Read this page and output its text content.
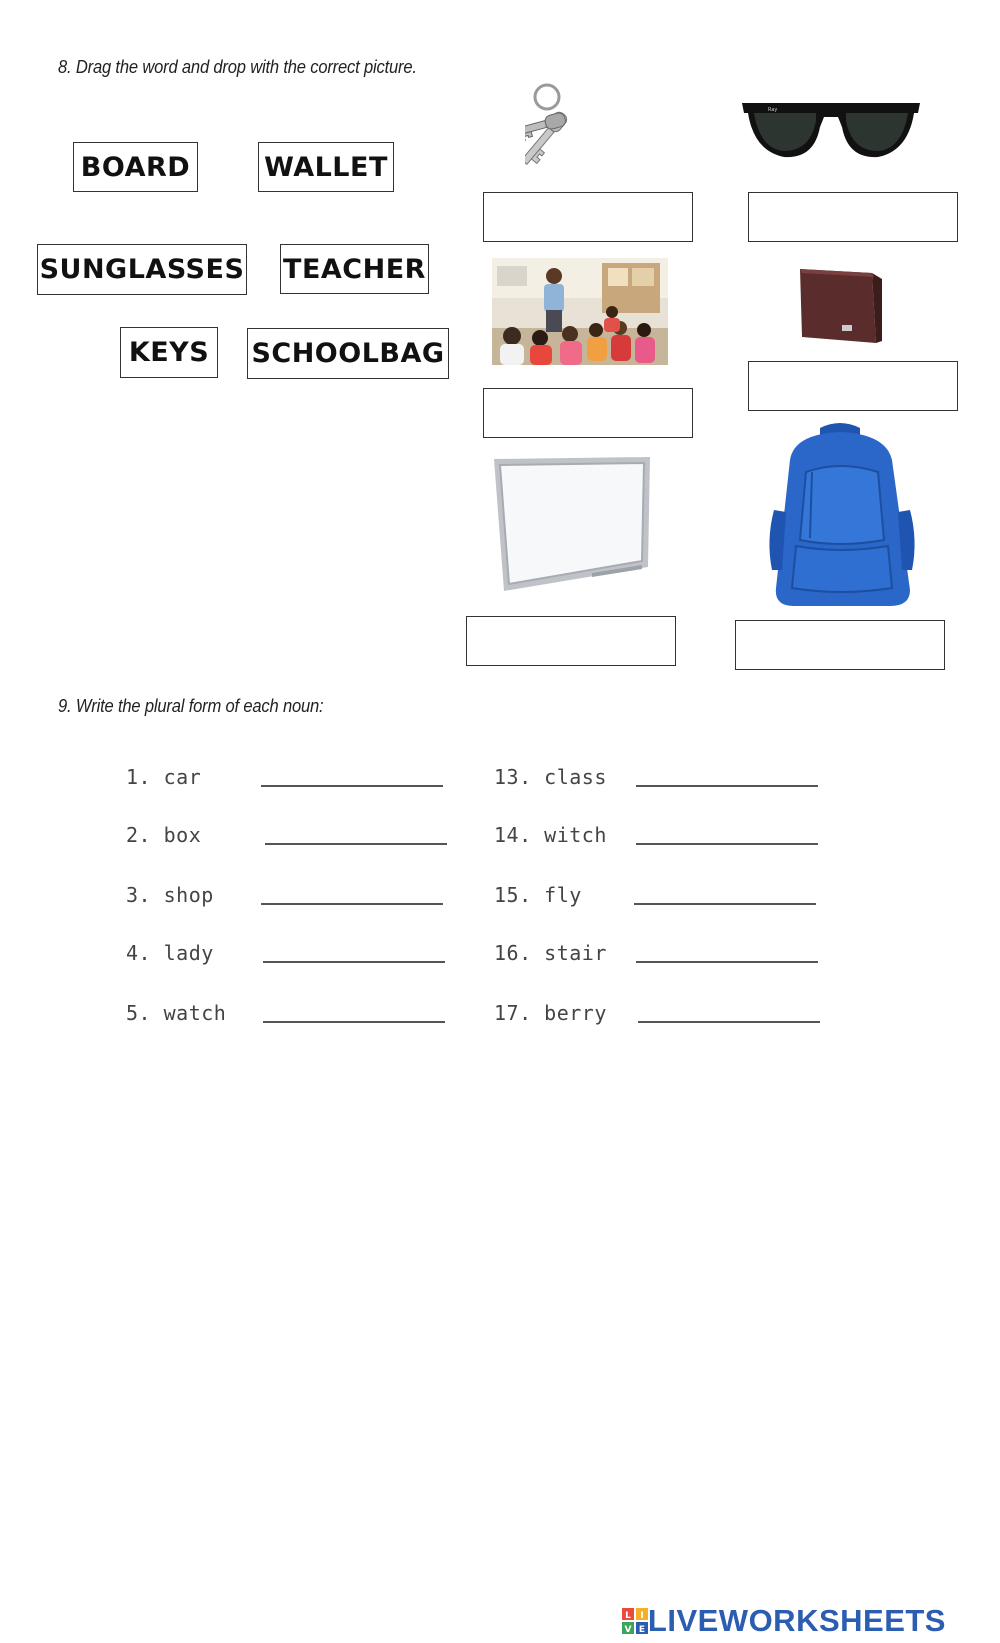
8. Drag the word and drop with the correct picture.
BOARD	WALLET
SUNGLASSES TEACHER
KEYS	SCHOOLBAG
Ray
9. Write the plural form of each noun:
1. car
2. box
3. shop
4. lady
5. watch
13. class
14. witch
15. fly
16. stair
17. berry
L I
V E LIVEWORKSHEETS
